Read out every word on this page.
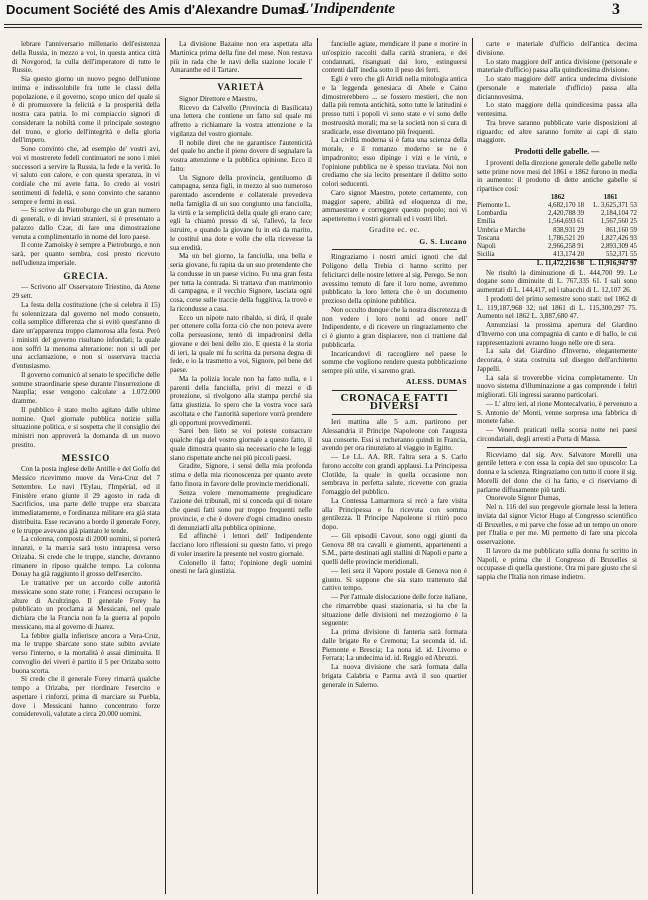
Document Société des Amis d'Alexandre Dumas
L'Indipendente	3

lebrare l'anniversario millenario dell'esistenza della Russia, in mezzo a voi, in questa antica città di Novgorod, la culla dell'imperatore di tutte le Russie.

Sia questo giorno un nuovo pegno dell'unione intima e indissolubile fra tutte le classi della popolazione, e il governo, scopo unico del quale si è di promuovere la felicità e la prosperità della nostra cara patria. Io mi compiaccio signori di considerare la nobiltà come il principale sostegno del trono, e glorio dell'integrità e della gloria dell'impero.

Sono convinto che, ad esempio de' vostri avi, voi vi mostrerete fedeli continuatori ne sono i miei successori a servire la Russia, la fede e la verità. Io vi saluto con calore, e con questa speranza, in vi cordiale che mi avete fatta. Io credo ai vostri sentimenti di fedeltà, e sono convinto che saranno sempre e fermi in essi.

— Si scrive da Pietroburgo che un gran numero di generali, e di inviati stranieri, si è presentato a palazzo dallo Czar, di fare una dimostrazione venuta a complimentarlo in nome del loro paese.

Il conte Zamoisky è sempre a Pietroburgo, e non sarà, per quanto sembra, così presto ricevuto nell'udienza imperiale.

GRECIA.

— Scrivono all' Osservatore Triestino, da Atene 29 sett.

La festa della costituzione (che si celebra il 15) fu solennizzata dal governo nel modo consueto, colla semplice differenza che si evitò quest'anno di dare un'apparenza troppo clamorosa alla festa. Però i ministri del governo risultano infondati; la quale non soffrì la menoma alterazione: non si udì per una acclamazione, e non si osservava traccia d'entusiasmo.

Il governo comunicò al senato le specifiche delle somme straordinarie spese durante l'insurrezione di Nauplia; esse vengono calcolate a 1.072.000 dramme.

Il pubblico è stato molto agitato dalle ultime nomine. Quel giornale pubblica notizie sulla situazione politica, e si sospetta che il consiglio dei ministri non approverà la domanda di un nuovo prestito.

MESSICO

Con la posta inglese delle Antille e del Golfo del Messico ricevimmo nuove da Vera-Cruz del 7 Settembre. Le navi l'Eylau, l'Impérial, ed il Finistère erano giunte il 29 agosto in rada di Sacrificios, una parte delle truppe era sbarcata immediatamente, e l'ordinanza militare era già stata distribuita. Esse recavano a bordo il generale Forey, e le truppe avevano già piantato le tende.

La colonna, composta di 2000 uomini, si porterà innanzi, e la marcia sarà tosto intrapresa verso Orizaba. Si crede che le truppe, stanche, dovranno rimanere in riposo qualche tempo. La colonna Douay ha già raggiunto il grosso dell'esercito.

Le trattative per un accordo colle autorità messicane sono state rotte; i Francesi occupano le alture di Acultzingo. Il generale Forey ha pubblicato un proclama ai Messicani, nel quale dichiara che la Francia non fa la guerra al popolo messicano, ma al governo di Juarez.

La febbre gialla infierisce ancora a Vera-Cruz, ma le truppe sbarcate sono state subito avviate verso l'interno, e la mortalità è assai diminuita. Il convoglio dei viveri è partito il 5 per Orizaba sotto buona scorta.

Si crede che il generale Forey rimarrà qualche tempo a Orizaba, per riordinare l'esercito e aspettare i rinforzi, prima di marciare su Puebla, dove i Messicani hanno concentrato forze considerevoli, valutate a circa 20.000 uomini.

La divisione Bazaine non era aspettata alla Martinica prima della fine del mese. Non restava più in rada che le navi della stazione locale l' Amaranthe ed il Tartare.

VARIETÀ

Signor Direttore e Maestro,

Ricevo da Calvello (Provincia di Basilicata) una lettera che contiene un fatto sul quale mi affretto a richiamare la vostra attenzione e la vigilanza del vostro giornale.

Il nobile direi che ne garantisce l'autenticità del quale ho anche il pieno dovere di segnalare la vostra attenzione e la pubblica opinione. Ecco il fatto:

Un Signore della provincia, gentiluomo di campagna, senza figli, in mezzo al suo numeroso parentado ascendente e collaterale prevedeva nella famiglia di un suo congiunto una fanciulla, la virtù e la semplicità della quale gli erano care; egli la chiamò presso di sé, l'allevò, la fece istruire, e quando la giovane fu in età da marito, le costituì una dote e volle che ella ricevesse la sua eredità.

Ma un bel giorno, la fanciulla, una bella e seria giovane, fu rapita da un suo pretendente che la condusse in un paese vicino. Fu una gran festa per tutta la contrada. Si trattava d'un matrimonio di campagna, e il vecchio Signore, lasciata ogni cosa, corse sulle traccie della fuggitiva, la trovò e la ricondusse a casa.

Ecco un nipote nato ribaldo, si dirà, il quale per ottenere colla forza ciò che non poteva avere colla persuasione, tentò di impadronirsi della giovane e dei beni dello zio. E questa è la storia di ieri, la quale mi fu scritta da persona degna di fede, e io la trasmetto a voi, Signore, pel bene del paese.

Ma la polizia locale non ha fatto nulla, e i parenti della fanciulla, privi di mezzi e di protezione, si rivolgono alla stampa perché sia fatta giustizia. Io spero che la vostra voce sarà ascoltata e che l'autorità superiore vorrà prendere gli opportuni provvedimenti.

Sarei ben lieto se voi poteste consacrare qualche riga del vostro giornale a questo fatto, il quale dimostra quanto sia necessario che le leggi siano rispettate anche nei più piccoli paesi.

Gradite, Signore, i sensi della mia profonda stima e della mia riconoscenza per quanto avete fatto finora in favore delle provincie meridionali.

Senza volere menomamente pregiudicare l'azione dei tribunali, mi si conceda qui di notare che questi fatti sono pur troppo frequenti nelle provincie, e che è dovere d'ogni cittadino onesto di denunziarli alla pubblica opinione.

Ed affinchè i lettori dell' Indipendente facciano loro riflessioni su questo fatto, vi prego di voler inserire la presente nel vostro giornale.

Colonello il fatto; l'opinione degli uomini onesti ne farà giustizia.

fanciulle agiate, mendicare il pane e morire in un'ospizio raccolti dalla carità straniera, e dei condannati, risanguati dai loro, estinguersi contenti dall' inedia sotto il peso dei ferri.

Egli è vero che gli Atridi nella mitologia antica e la leggenda genesiaca di Abele e Caino dimostrerebbero ... se fossero mestieri, che non dalla più remota antichità, sotto tutte le latitudini e presso tutti i popoli vi sono state e vi sono delle mostruosità morali; ma se la società non si cura di sradicarle, esse diventano più frequenti.

La civiltà moderna si è fatta una scienza della morale, e il romanzo moderno se ne è impadronito; esso dipinge i vizi e le virtù, e l'opinione pubblica ne è spesso traviata. Noi non crediamo che sia lecito presentare il delitto sotto colori seducenti.

Caro signor Maestro, potete certamente, con maggior sapere, abilità ed eloquenza di me, ammaestrare e correggere questo popolo; noi vi aspetteremo i vostri giornali ed i vostri libri.

Gradite ec. ec.
G. S. Lucano

Ringraziamo i nostri amici ignoti che dal Poligono della Trebia ci hanno scritto per felicitarci delle nostre lettere al sig. Perego. Se non avessimo temuto di fare il loro nome, avremmo pubblicato la loro lettera che è un documento prezioso della opinione pubblica.

Non occulto dunque che la nostra discretezza di non vedere i loro nomi ad onore nell' Indipendente, e di ricevere un ringraziamento che ci è giunto a gran dispiacere, non ci trattiene dal pubblicarla.

Incaricandovi di raccogliere nel paese le somme che vogliono rendere questa pubblicazione sempre più utile, vi saremo grati.

ALESS. DUMAS
CRONACA E FATTI DIVERSI

Ieri mattina alle 5 a.m. partirono per Alessandria il Principe Napoleone con l'augusta sua consorte. Essi si recheranno quindi in Francia, avendo per ora rinunziato al viaggio in Egitto.

— Le LL. AA. RR. l'altra sera a S. Carlo furono accolte con grandi applausi. La Principessa Clotilde, la quale in quella occasione non sembrava in perfetta salute, ricevette con grazia l'omaggio del pubblico.

La Contessa Lamarmora si recò a fare visita alla Principessa e fu ricevuta con somma gentilezza. Il Principe Napoleone si ritirò poco dopo.

— Gli episodii Cavour, sono oggi giunti da Genova 88 tra cavalli e giumenti, appartenenti a S.M., parte destinati agli stallini di Napoli e parte a quelli delle provincie meridionali.

— Ieri sera il Vapore postale di Genova non è giunto. Si suppone che sia stato trattenuto dal cattivo tempo.

— Per l'attuale dislocazione delle forze italiane, che rimarrebbe quasi stazionaria, si ha che la situazione delle divisioni nel mezzogiorno è la seguente:

La prima divisione di fanteria sarà formata dalle brigate Re e Cremona; La seconda id. id. Piemonte e Brescia; La nona id. id. Livorno e Ferrara; La undecima id. id. Reggio ed Abruzzi.

La nuova divisione che sarà formata dalla brigata Calabria e Parma avrà il suo quartier generale in Salerno.

carte e materiale d'ufficio dell'antica decima divisione.

Lo stato maggiore dell' antica divisione (personale e materiale d'ufficio) passa alla quindicesima divisione.

Lo stato maggiore dell' antica undecima divisione (personale e materiale d'ufficio) passa alla diciannovesima.

Lo stato maggiore della quindicesima passa alla ventesima.

Tra breve saranno pubblicate varie disposizioni al riguardo; ed altre saranno fornite ai capi di stato maggiore.

Prodotti delle gabelle. —

I proventi della direzione generale delle gabelle nelle sette prime nove mesi del 1861 e 1862 furono in media in aumento: il prodotto di dette antiche gabelle si ripartisce così:

	1862	1861
Piemonte L.	4,682,170 18	L. 3,625,371 53
Lombardia	2,420,788 39	2,184,104 72
Emilia	1,564,693 61	1,567,560 25
Umbria e Marche	838,931 29	861,160 59
Toscana	1,786,521 20	1,827,426 93
Napoli	2,966,258 91	2,893,309 45
Sicilia	413,174 20	552,371 55
	L. 11,472,216 98	L. 11,916,947 97

Ne risultò la diminuzione di L. 444,700 99. Le dogane sono diminuite di L. 767,335 61. I sali sono aumentati di L. 144,417, ed i tabacchi di L. 12,107 26.

I prodotti del primo semestre sono stati: nel 1862 di L. 119,187,968 32; nel 1861 di L. 115,300,297 75. Aumento nel 1862 L. 3,887,680 47.

Annunziasi la prossima apertura del Giardino d'Inverno con una compagnia di canto e di ballo, le cui rappresentazioni avranno luogo nelle ore di sera.

La sala del Giardino d'Inverno, elegantemente decorata, è stata costruita sul disegno dell'architetto Jappelli.

La sala si troverebbe vicina completamente. Un nuovo sistema d'illuminazione a gas comprende i feltri migliorati. Gli ingressi saranno particolari.

— L' altro ieri, al rione Montecalvario, è pervenuto a S. Antonio de' Monti, venne sorpresa una fabbrica di monete false.

— Venerdì praticati nella scorsa notte nei paesi circondariali, degli arresti a Porta di Massa.

Riceviamo dal sig. Avv. Salvatore Morelli una gentile lettera e con essa la copia del suo opuscolo: La donna e la scienza. Ringraziamo con tutto il cuore il sig. Morelli del dono che ci ha fatto, e ci riserviamo di parlarne diffusamente più tardi.

Onorevole Signor Dumas,

Nel n. 116 del suo pregevole giornale lessi la lettera inviata dal signor Victor Hugo al Congresso scientifico di Bruxelles, e mi parve che fosse ad un tempo un onore per l'Italia e per me. Mi permetto di fare una piccola osservazione.

Il lavoro da me pubblicato sulla donna fu scritto in Napoli, e prima che il Congresso di Bruxelles si occupasse di quella questione. Ora mi pare giusto che si sappia che l'Italia non rimase indietro.
